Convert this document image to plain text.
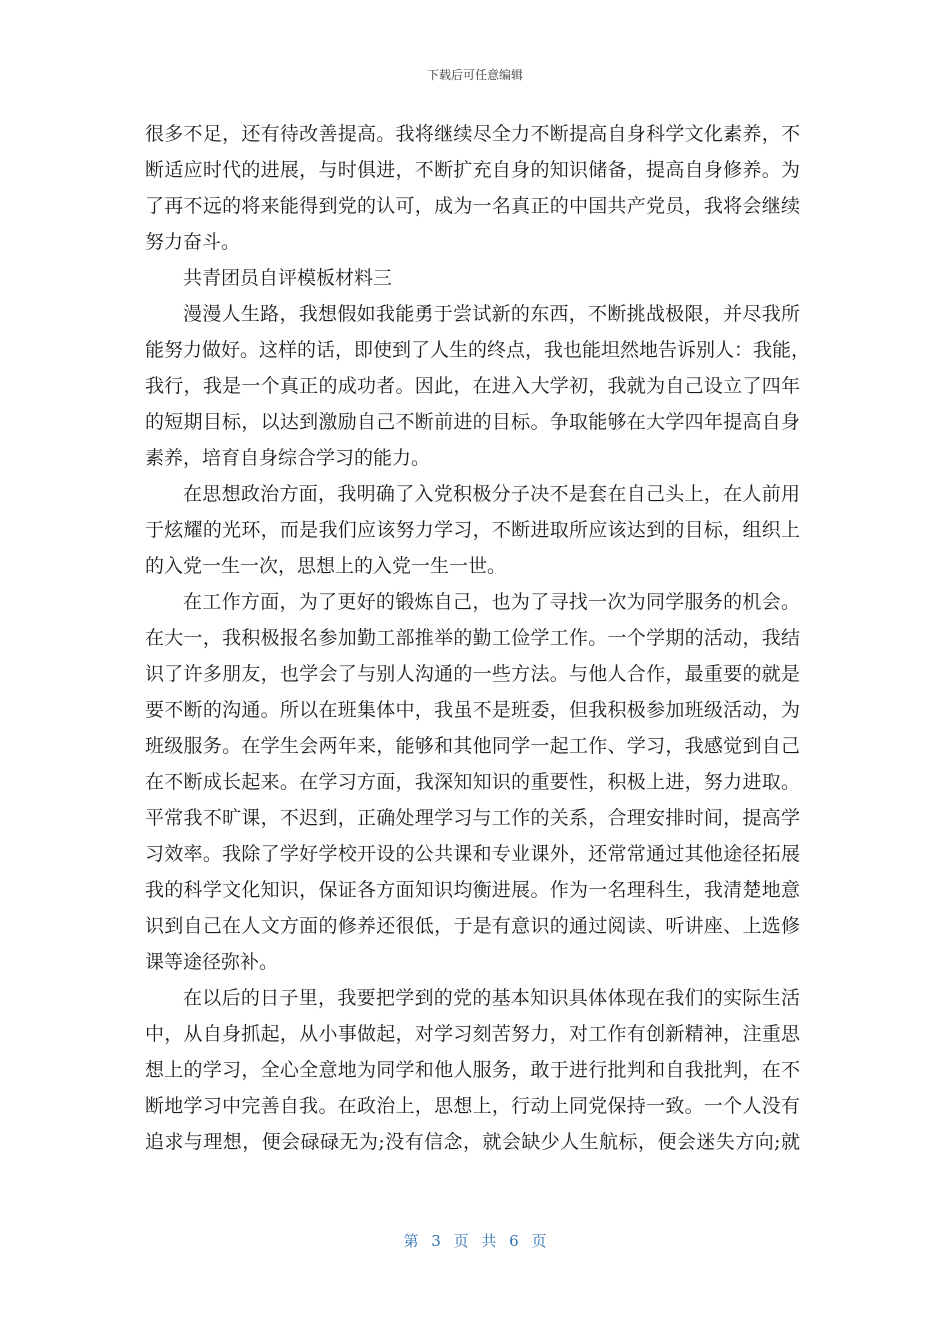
下载后可任意编辑
很多不足，还有待改善提高。我将继续尽全力不断提高自身科学文化素养，不
断适应时代的进展，与时俱进，不断扩充自身的知识储备，提高自身修养。为
了再不远的将来能得到党的认可，成为一名真正的中国共产党员，我将会继续
努力奋斗。
共青团员自评模板材料三
漫漫人生路，我想假如我能勇于尝试新的东西，不断挑战极限，并尽我所
能努力做好。这样的话，即使到了人生的终点，我也能坦然地告诉别人：我能，
我行，我是一个真正的成功者。因此，在进入大学初，我就为自己设立了四年
的短期目标，以达到激励自己不断前进的目标。争取能够在大学四年提高自身
素养，培育自身综合学习的能力。
在思想政治方面，我明确了入党积极分子决不是套在自己头上，在人前用
于炫耀的光环，而是我们应该努力学习，不断进取所应该达到的目标，组织上
的入党一生一次，思想上的入党一生一世。
在工作方面，为了更好的锻炼自己，也为了寻找一次为同学服务的机会。
在大一，我积极报名参加勤工部推举的勤工俭学工作。一个学期的活动，我结
识了许多朋友，也学会了与别人沟通的一些方法。与他人合作，最重要的就是
要不断的沟通。所以在班集体中，我虽不是班委，但我积极参加班级活动，为
班级服务。在学生会两年来，能够和其他同学一起工作、学习，我感觉到自己
在不断成长起来。在学习方面，我深知知识的重要性，积极上进，努力进取。
平常我不旷课，不迟到，正确处理学习与工作的关系，合理安排时间，提高学
习效率。我除了学好学校开设的公共课和专业课外，还常常通过其他途径拓展
我的科学文化知识，保证各方面知识均衡进展。作为一名理科生，我清楚地意
识到自己在人文方面的修养还很低，于是有意识的通过阅读、听讲座、上选修
课等途径弥补。
在以后的日子里，我要把学到的党的基本知识具体体现在我们的实际生活
中，从自身抓起，从小事做起，对学习刻苦努力，对工作有创新精神，注重思
想上的学习，全心全意地为同学和他人服务，敢于进行批判和自我批判，在不
断地学习中完善自我。在政治上，思想上，行动上同党保持一致。一个人没有
追求与理想，便会碌碌无为;没有信念，就会缺少人生航标，便会迷失方向;就
第 3 页 共 6 页
